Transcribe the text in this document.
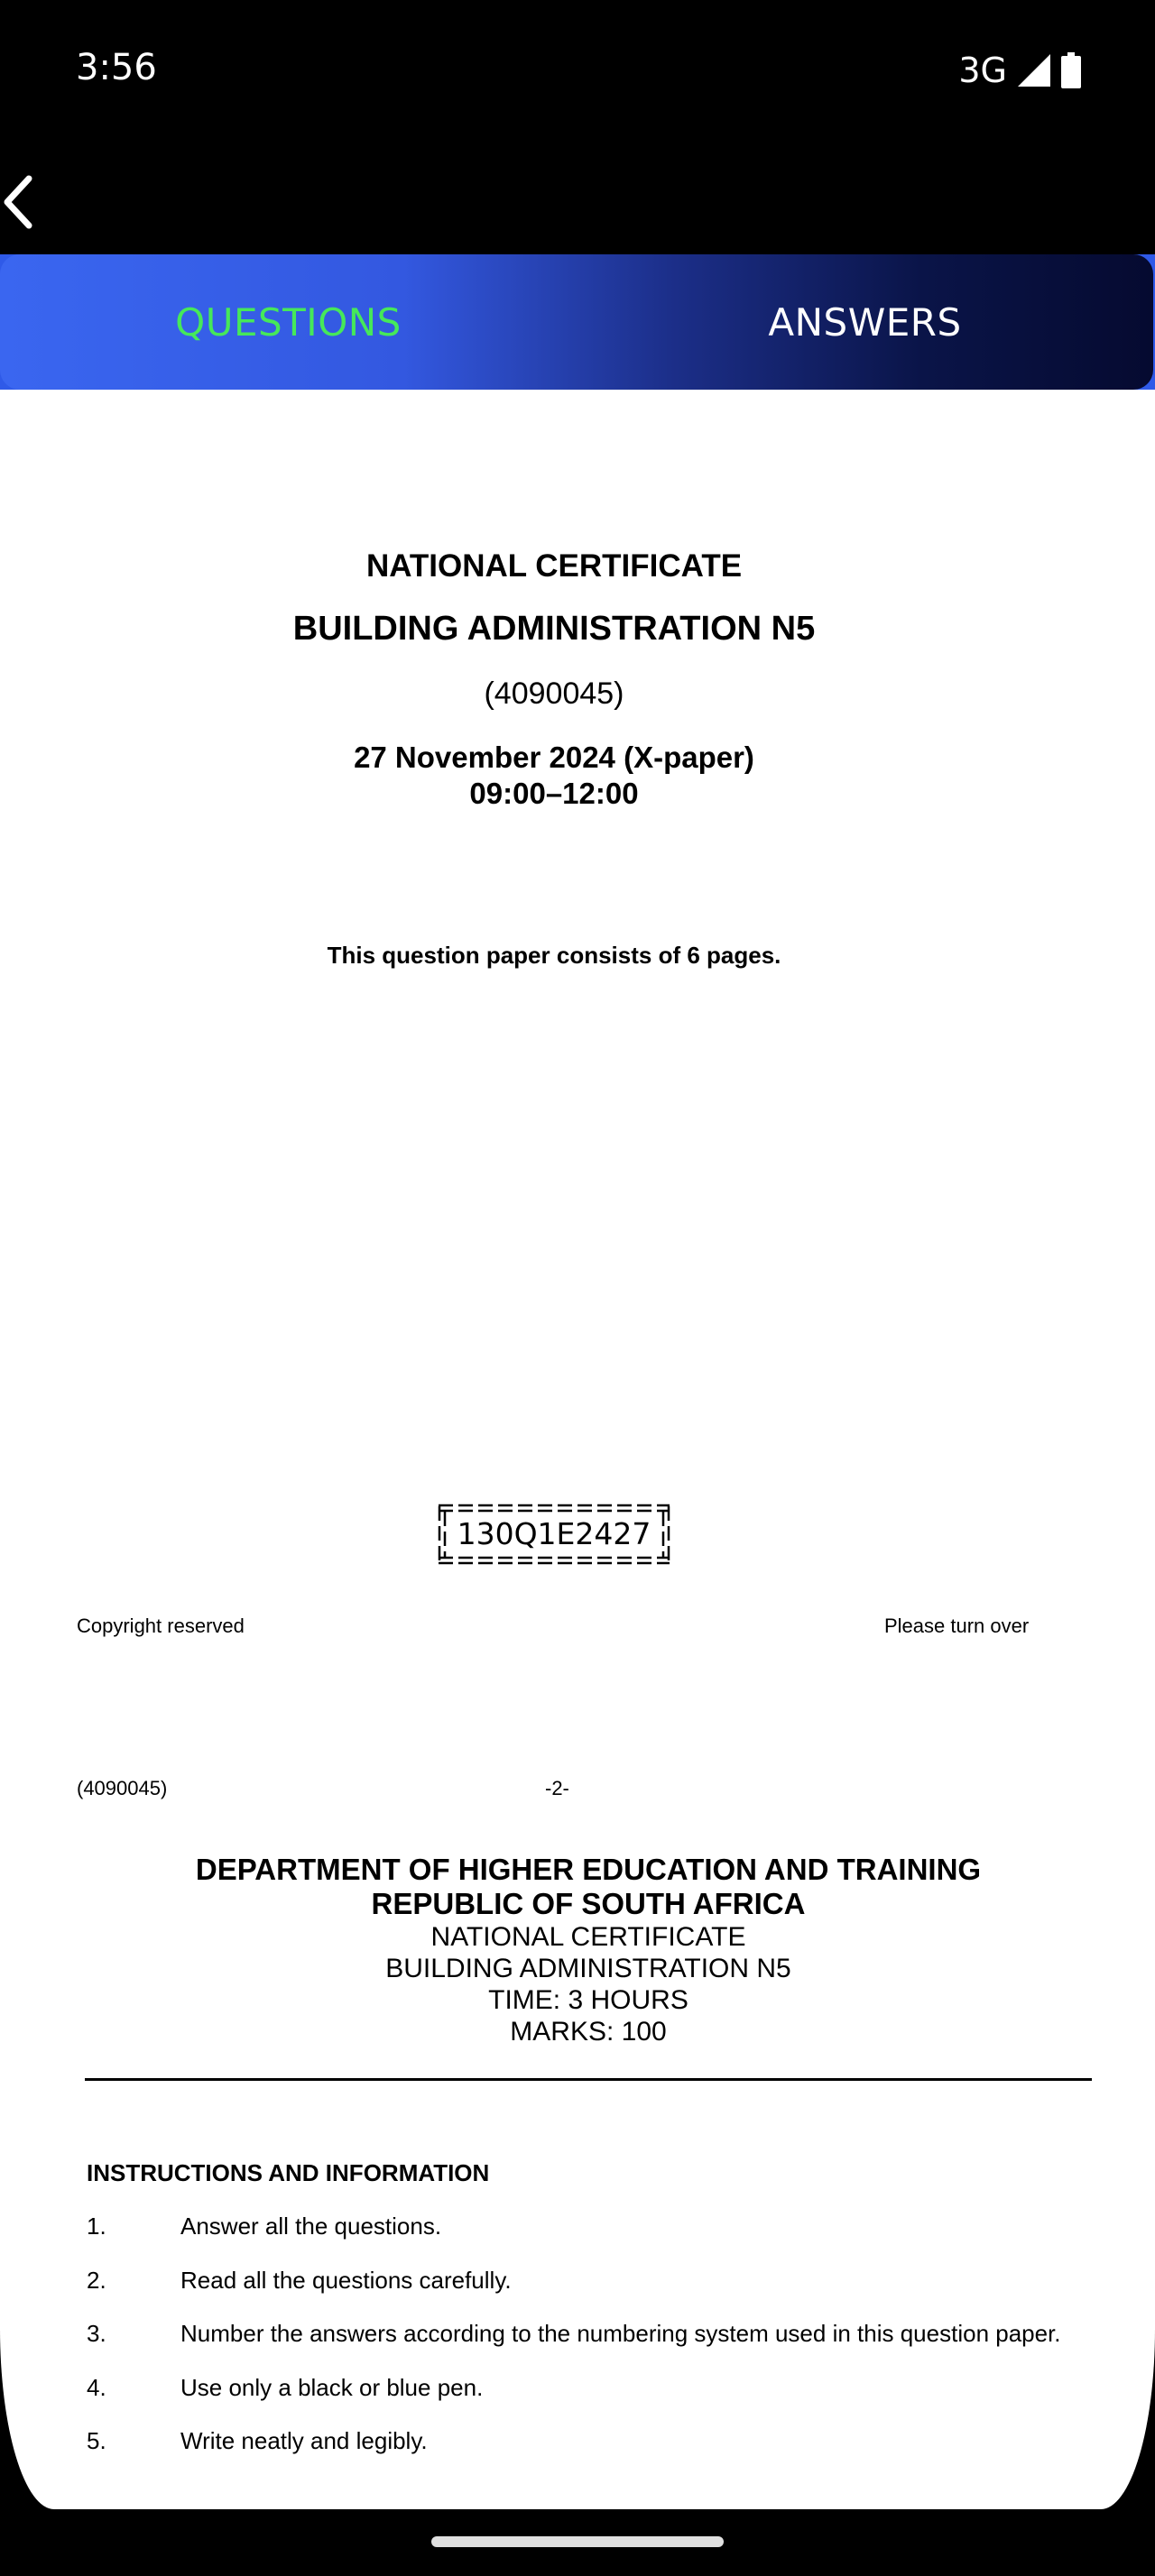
3:56	3G
QUESTIONS	ANSWERS
NATIONAL CERTIFICATE
BUILDING ADMINISTRATION N5
(4090045)
27 November 2024 (X-paper)
09:00–12:00
This question paper consists of 6 pages.
130Q1E2427
Copyright reserved	Please turn over
(4090045)	-2-
DEPARTMENT OF HIGHER EDUCATION AND TRAINING
REPUBLIC OF SOUTH AFRICA
NATIONAL CERTIFICATE
BUILDING ADMINISTRATION N5
TIME: 3 HOURS
MARKS: 100
INSTRUCTIONS AND INFORMATION
1.	Answer all the questions.
2.	Read all the questions carefully.
3.	Number the answers according to the numbering system used in this question paper.
4.	Use only a black or blue pen.
5.	Write neatly and legibly.
